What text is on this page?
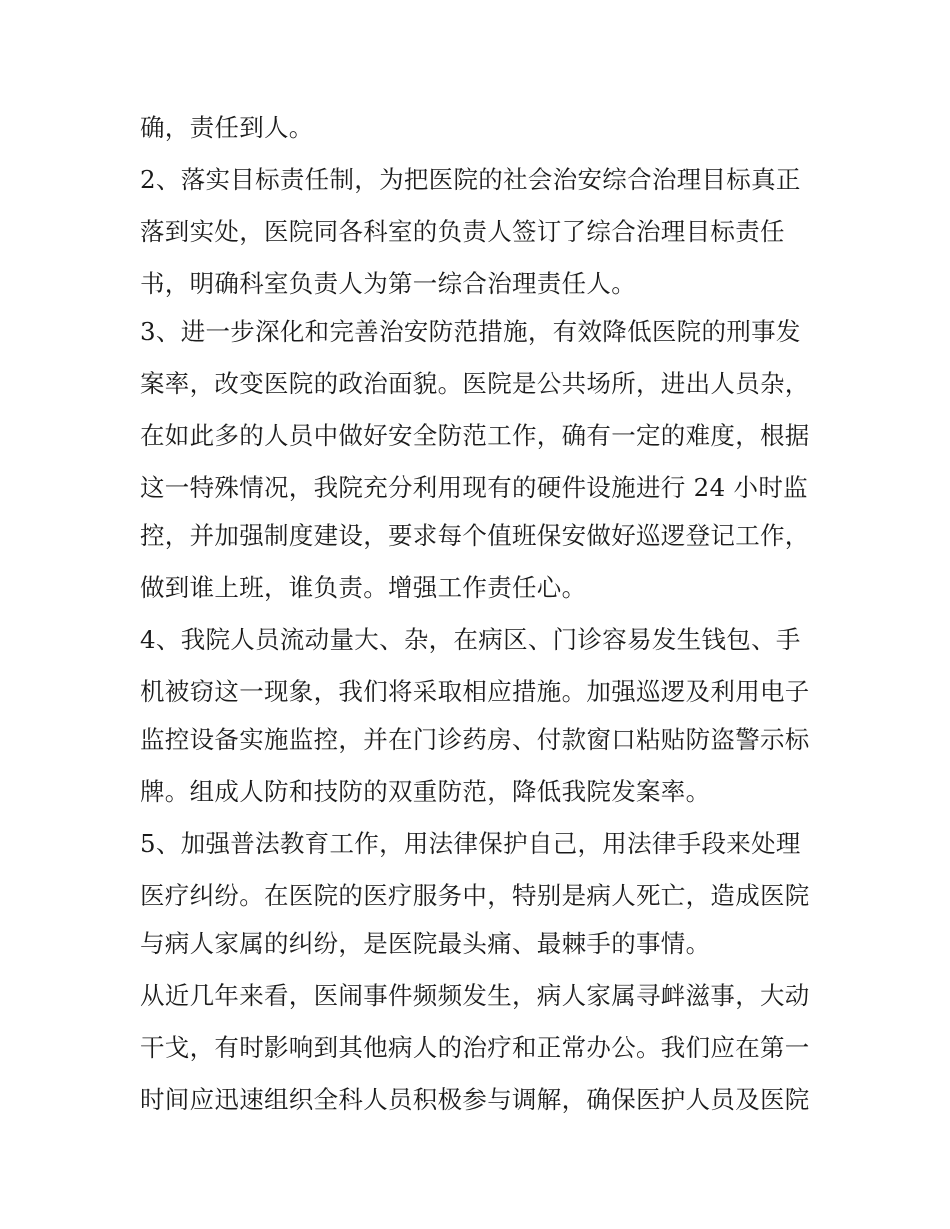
确，责任到人。
2、落实目标责任制，为把医院的社会治安综合治理目标真正
落到实处，医院同各科室的负责人签订了综合治理目标责任
书，明确科室负责人为第一综合治理责任人。
3、进一步深化和完善治安防范措施，有效降低医院的刑事发
案率，改变医院的政治面貌。医院是公共场所，进出人员杂，
在如此多的人员中做好安全防范工作，确有一定的难度，根据
这一特殊情况，我院充分利用现有的硬件设施进行 24 小时监
控，并加强制度建设，要求每个值班保安做好巡逻登记工作，
做到谁上班，谁负责。增强工作责任心。
4、我院人员流动量大、杂，在病区、门诊容易发生钱包、手
机被窃这一现象，我们将采取相应措施。加强巡逻及利用电子
监控设备实施监控，并在门诊药房、付款窗口粘贴防盗警示标
牌。组成人防和技防的双重防范，降低我院发案率。
5、加强普法教育工作，用法律保护自己，用法律手段来处理
医疗纠纷。在医院的医疗服务中，特别是病人死亡，造成医院
与病人家属的纠纷，是医院最头痛、最棘手的事情。
从近几年来看，医闹事件频频发生，病人家属寻衅滋事，大动
干戈，有时影响到其他病人的治疗和正常办公。我们应在第一
时间应迅速组织全科人员积极参与调解，确保医护人员及医院
